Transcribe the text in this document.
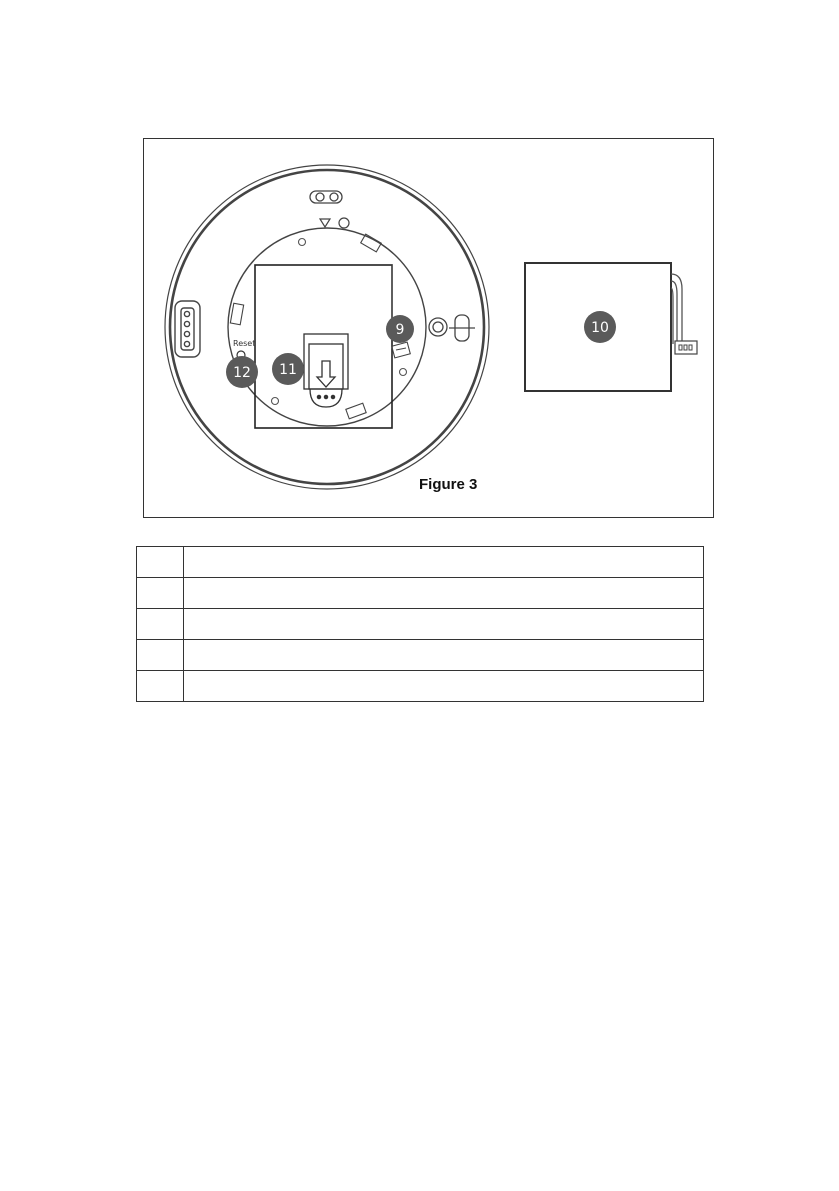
Reset
9	10
11
12
Figure 3
